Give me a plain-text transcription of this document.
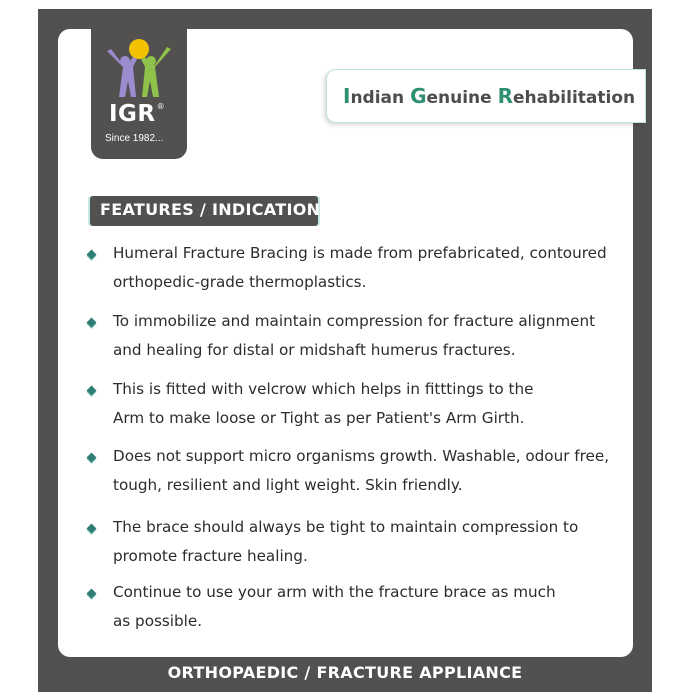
IGR®
Since 1982...
Indian Genuine Rehabilitation
FEATURES / INDICATION
Humeral Fracture Bracing is made from prefabricated, contoured
orthopedic-grade thermoplastics.
To immobilize and maintain compression for fracture alignment
and healing for distal or midshaft humerus fractures.
This is fitted with velcrow which helps in fitttings to the
Arm to make loose or Tight as per Patient's Arm Girth.
Does not support micro organisms growth. Washable, odour free,
tough, resilient and light weight. Skin friendly.
The brace should always be tight to maintain compression to
promote fracture healing.
Continue to use your arm with the fracture brace as much
as possible.
ORTHOPAEDIC / FRACTURE APPLIANCE
